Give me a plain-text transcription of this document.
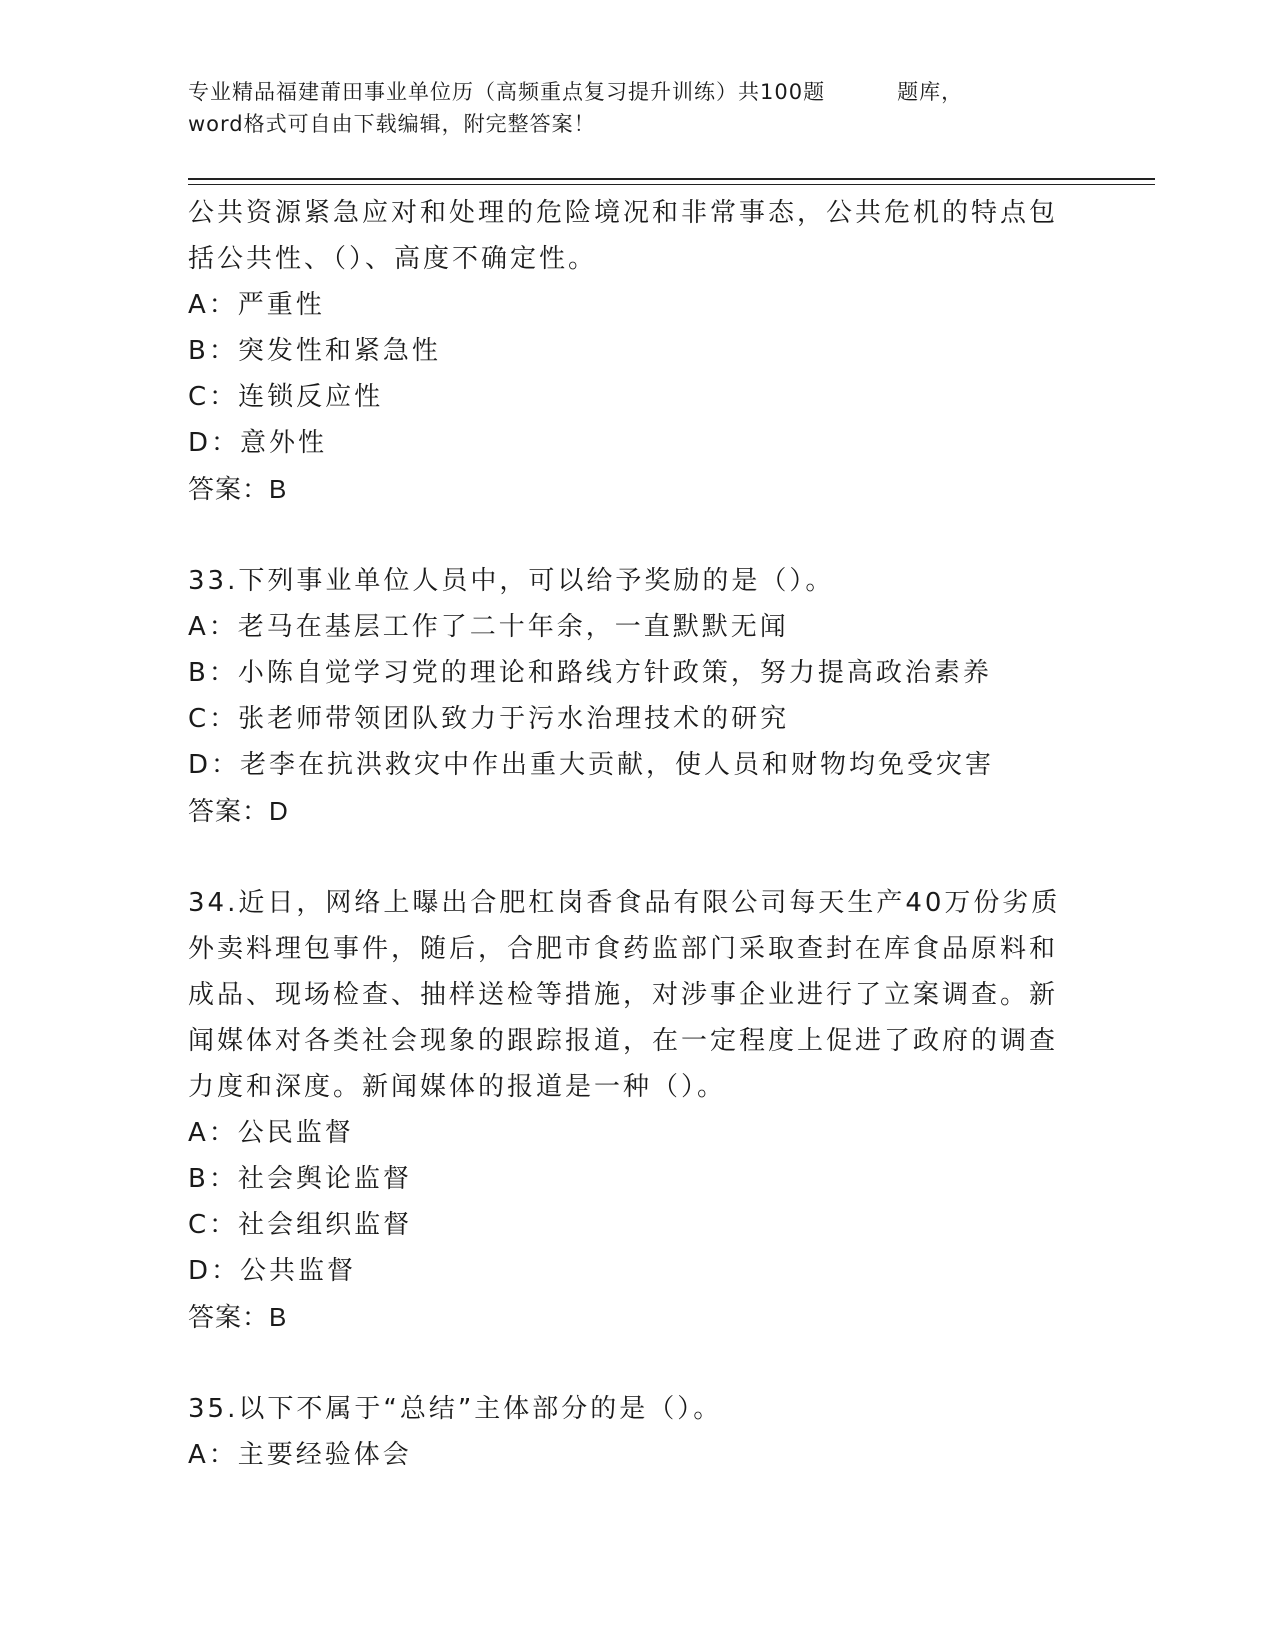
专业精品福建莆田事业单位历（高频重点复习提升训练）共100题	题库，
word格式可自由下载编辑，附完整答案！
公共资源紧急应对和处理的危险境况和非常事态，公共危机的特点包
括公共性、（）、高度不确定性。
A：严重性
B：突发性和紧急性
C：连锁反应性
D：意外性
答案：B
33.下列事业单位人员中，可以给予奖励的是（）。
A：老马在基层工作了二十年余，一直默默无闻
B：小陈自觉学习党的理论和路线方针政策，努力提高政治素养
C：张老师带领团队致力于污水治理技术的研究
D：老李在抗洪救灾中作出重大贡献，使人员和财物均免受灾害
答案：D
34.近日，网络上曝出合肥杠岗香食品有限公司每天生产40万份劣质
外卖料理包事件，随后，合肥市食药监部门采取查封在库食品原料和
成品、现场检查、抽样送检等措施，对涉事企业进行了立案调查。新
闻媒体对各类社会现象的跟踪报道，在一定程度上促进了政府的调查
力度和深度。新闻媒体的报道是一种（）。
A：公民监督
B：社会舆论监督
C：社会组织监督
D：公共监督
答案：B
35.以下不属于“总结”主体部分的是（）。
A：主要经验体会
